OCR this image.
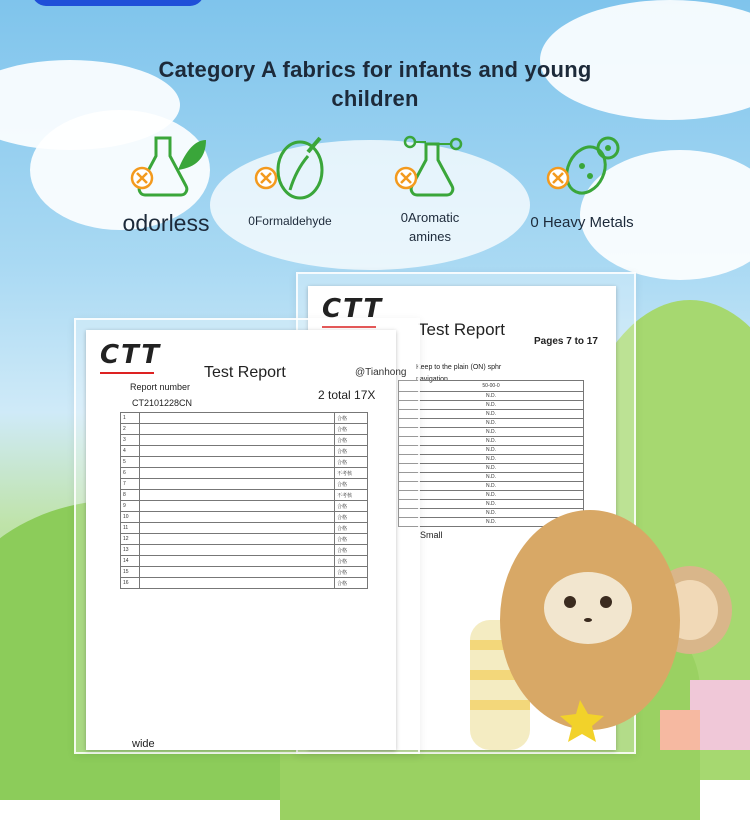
Category A fabrics for infants and young children
odorless	0Formaldehyde	0Aromatic amines
0 Heavy Metals
CTT
Test Report
Pages 7 to 17
Keep to the plain (ON) sphr navigation
50-00-0
N.D.
N.D.
N.D.
N.D.
N.D.
N.D.
N.D.
N.D.
N.D.
N.D.
N.D.
N.D.
N.D.
N.D.
N.D.
Small
CTT
Test Report
Report number
CT2101228CN
2 total 17X
1		合格
2		合格
3		合格
4		合格
5		合格
6		不考核
7		合格
8		不考核
9		合格
10		合格
11		合格
12		合格
13		合格
14		合格
15		合格
16		合格
wide
@Tianhong
